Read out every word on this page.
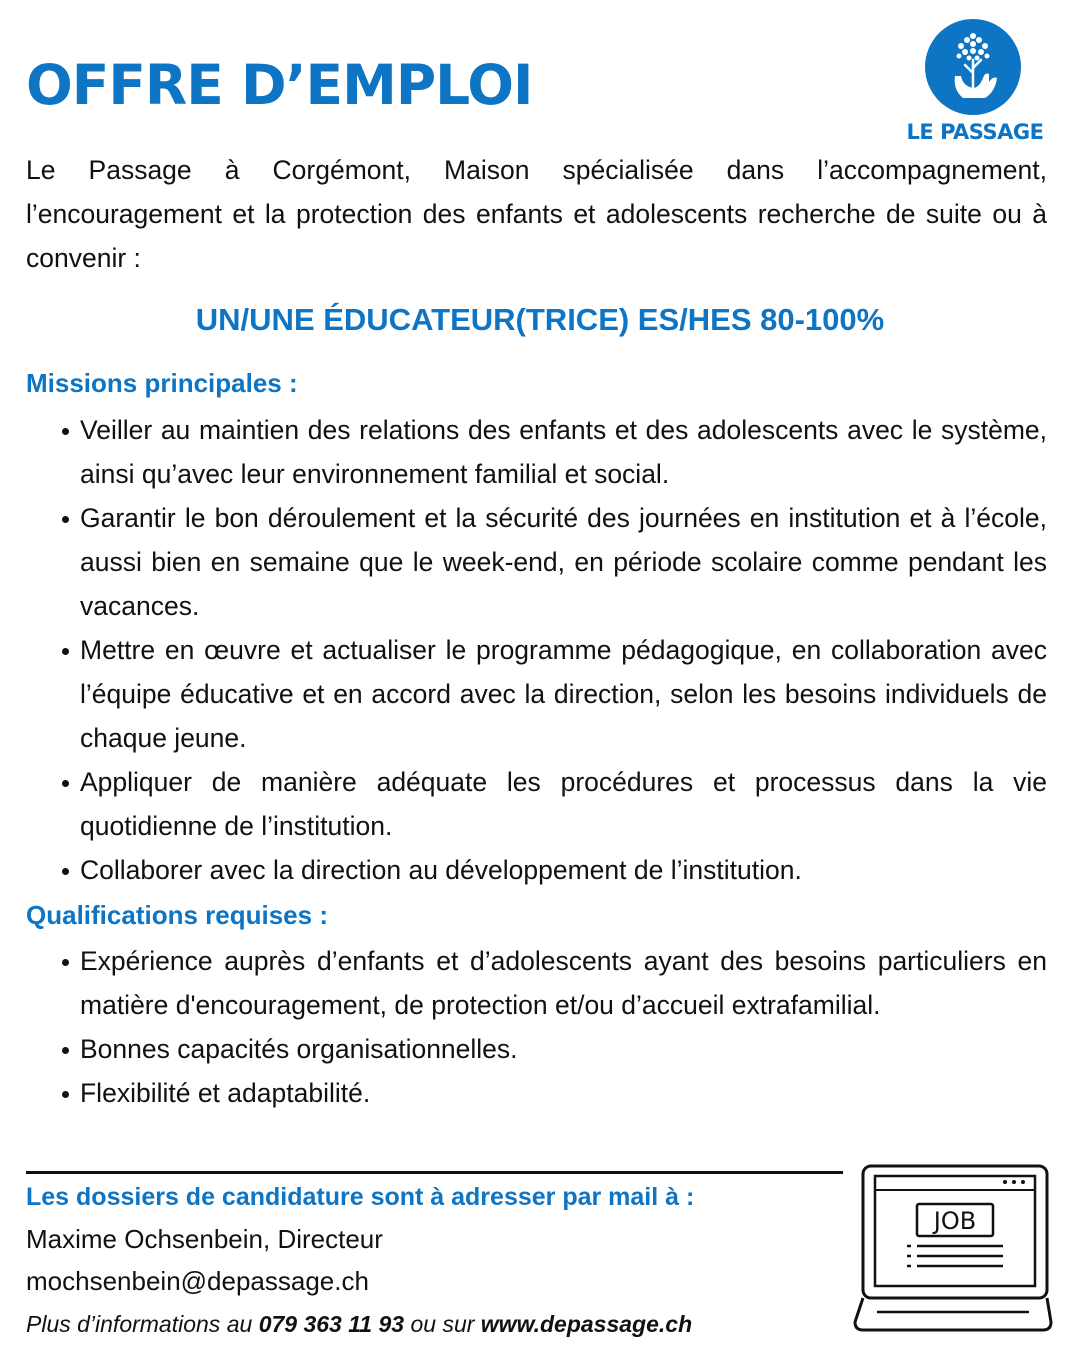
OFFRE D’EMPLOI
LE PASSAGE

Le Passage à Corgémont, Maison spécialisée dans l’accompagnement, l’encouragement et la protection des enfants et adolescents recherche de suite ou à convenir :

UN/UNE ÉDUCATEUR(TRICE) ES/HES 80-100%
Missions principales :
Veiller au maintien des relations des enfants et des adolescents avec le système, ainsi qu’avec leur environnement familial et social.
Garantir le bon déroulement et la sécurité des journées en institution et à l’école, aussi bien en semaine que le week-end, en période scolaire comme pendant les vacances.
Mettre en œuvre et actualiser le programme pédagogique, en collaboration avec l’équipe éducative et en accord avec la direction, selon les besoins individuels de chaque jeune.
Appliquer de manière adéquate les procédures et processus dans la vie quotidienne de l’institution.
Collaborer avec la direction au développement de l’institution.
Qualifications requises :
Expérience auprès d’enfants et d’adolescents ayant des besoins particuliers en matière d'encouragement, de protection et/ou d’accueil extrafamilial.
Bonnes capacités organisationnelles.
Flexibilité et adaptabilité.
Les dossiers de candidature sont à adresser par mail à :
Maxime Ochsenbein, Directeur
mochsenbein@depassage.ch
Plus d’informations au 079 363 11 93 ou sur www.depassage.ch
JOB
